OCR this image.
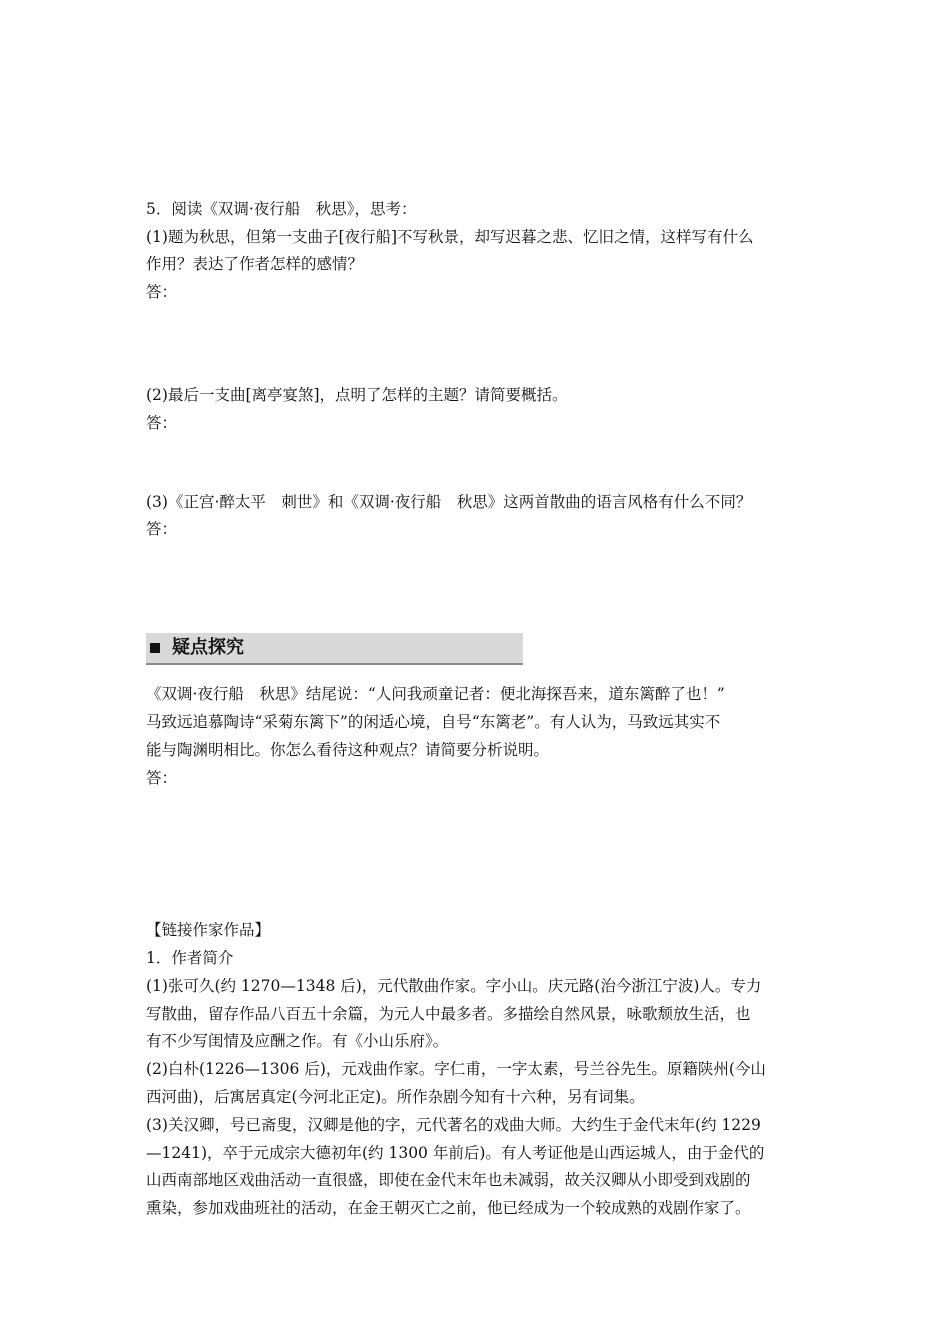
5．阅读《双调·夜行船　秋思》，思考：
(1)题为秋思，但第一支曲子[夜行船]不写秋景，却写迟暮之悲、忆旧之情，这样写有什么
作用？表达了作者怎样的感情？
答：
(2)最后一支曲[离亭宴煞]，点明了怎样的主题？请简要概括。
答：
(3)《正宫·醉太平　刺世》和《双调·夜行船　秋思》这两首散曲的语言风格有什么不同？
答：
疑点探究
《双调·夜行船　秋思》结尾说：“人问我顽童记者：便北海探吾来，道东篱醉了也！”
马致远追慕陶诗“采菊东篱下”的闲适心境，自号“东篱老”。有人认为，马致远其实不
能与陶渊明相比。你怎么看待这种观点？请简要分析说明。
答：
【链接作家作品】
1．作者简介
(1)张可久(约 1270—1348 后)，元代散曲作家。字小山。庆元路(治今浙江宁波)人。专力
写散曲，留存作品八百五十余篇，为元人中最多者。多描绘自然风景，咏歌颓放生活，也
有不少写闺情及应酬之作。有《小山乐府》。
(2)白朴(1226—1306 后)，元戏曲作家。字仁甫，一字太素，号兰谷先生。原籍陕州(今山
西河曲)，后寓居真定(今河北正定)。所作杂剧今知有十六种，另有词集。
(3)关汉卿，号已斋叟，汉卿是他的字，元代著名的戏曲大师。大约生于金代末年(约 1229
—1241)，卒于元成宗大德初年(约 1300 年前后)。有人考证他是山西运城人，由于金代的
山西南部地区戏曲活动一直很盛，即使在金代末年也未减弱，故关汉卿从小即受到戏剧的
熏染，参加戏曲班社的活动，在金王朝灭亡之前，他已经成为一个较成熟的戏剧作家了。
